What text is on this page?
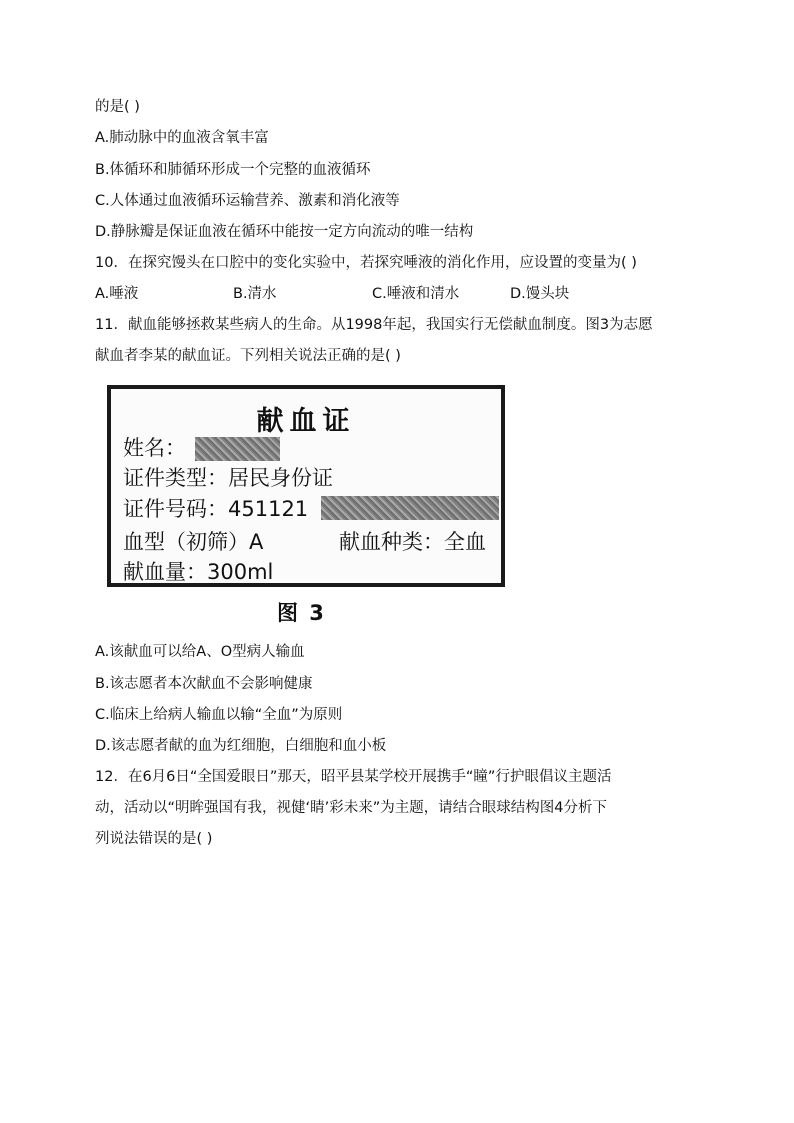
的是( )
A.肺动脉中的血液含氧丰富
B.体循环和肺循环形成一个完整的血液循环
C.人体通过血液循环运输营养、激素和消化液等
D.静脉瓣是保证血液在循环中能按一定方向流动的唯一结构
10．在探究馒头在口腔中的变化实验中，若探究唾液的消化作用，应设置的变量为( )
A.唾液	B.清水	C.唾液和清水	D.馒头块
11．献血能够拯救某些病人的生命。从1998年起，我国实行无偿献血制度。图3为志愿
献血者李某的献血证。下列相关说法正确的是( )
献血证
姓名：
证件类型：居民身份证
证件号码：451121
血型（初筛）A	献血种类：全血
献血量：300ml
图 3
A.该献血可以给A、O型病人输血
B.该志愿者本次献血不会影响健康
C.临床上给病人输血以输“全血”为原则
D.该志愿者献的血为红细胞，白细胞和血小板
12．在6月6日“全国爱眼日”那天，昭平县某学校开展携手“瞳”行护眼倡议主题活
动，活动以“明眸强国有我，视健‘睛’彩未来”为主题，请结合眼球结构图4分析下
列说法错误的是( )
